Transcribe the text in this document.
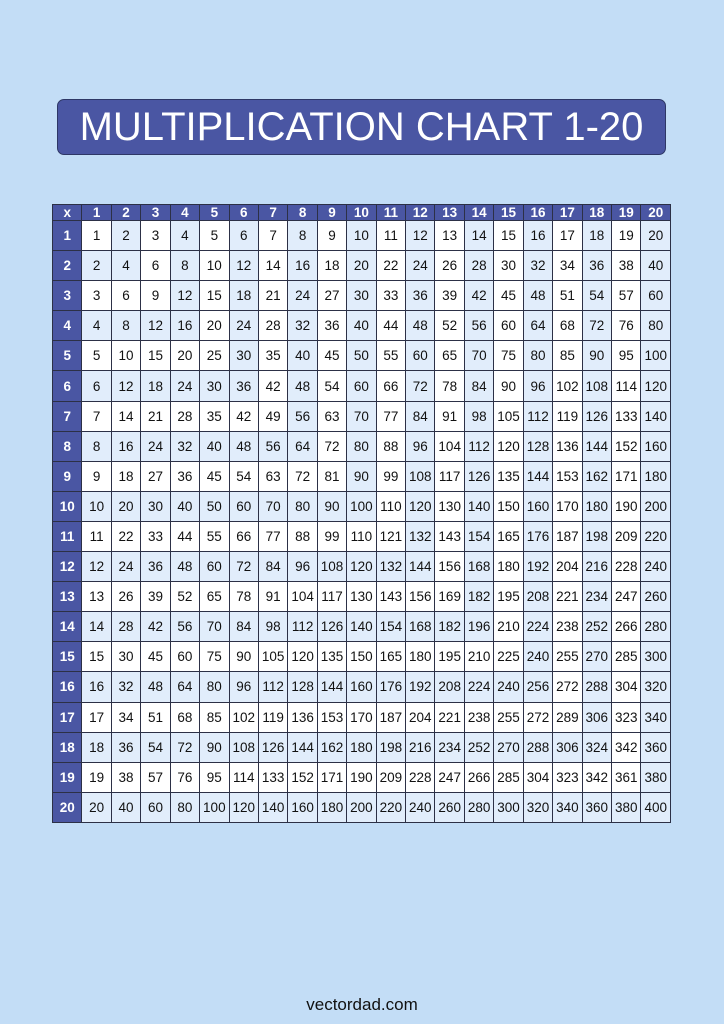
MULTIPLICATION CHART 1-20
x	1	2	3	4	5	6	7	8	9	10	11	12	13	14	15	16	17	18	19	20
1	1	2	3	4	5	6	7	8	9	10	11	12	13	14	15	16	17	18	19	20
2	2	4	6	8	10	12	14	16	18	20	22	24	26	28	30	32	34	36	38	40
3	3	6	9	12	15	18	21	24	27	30	33	36	39	42	45	48	51	54	57	60
4	4	8	12	16	20	24	28	32	36	40	44	48	52	56	60	64	68	72	76	80
5	5	10	15	20	25	30	35	40	45	50	55	60	65	70	75	80	85	90	95	100
6	6	12	18	24	30	36	42	48	54	60	66	72	78	84	90	96	102	108	114	120
7	7	14	21	28	35	42	49	56	63	70	77	84	91	98	105	112	119	126	133	140
8	8	16	24	32	40	48	56	64	72	80	88	96	104	112	120	128	136	144	152	160
9	9	18	27	36	45	54	63	72	81	90	99	108	117	126	135	144	153	162	171	180
10	10	20	30	40	50	60	70	80	90	100	110	120	130	140	150	160	170	180	190	200
11	11	22	33	44	55	66	77	88	99	110	121	132	143	154	165	176	187	198	209	220
12	12	24	36	48	60	72	84	96	108	120	132	144	156	168	180	192	204	216	228	240
13	13	26	39	52	65	78	91	104	117	130	143	156	169	182	195	208	221	234	247	260
14	14	28	42	56	70	84	98	112	126	140	154	168	182	196	210	224	238	252	266	280
15	15	30	45	60	75	90	105	120	135	150	165	180	195	210	225	240	255	270	285	300
16	16	32	48	64	80	96	112	128	144	160	176	192	208	224	240	256	272	288	304	320
17	17	34	51	68	85	102	119	136	153	170	187	204	221	238	255	272	289	306	323	340
18	18	36	54	72	90	108	126	144	162	180	198	216	234	252	270	288	306	324	342	360
19	19	38	57	76	95	114	133	152	171	190	209	228	247	266	285	304	323	342	361	380
20	20	40	60	80	100	120	140	160	180	200	220	240	260	280	300	320	340	360	380	400
vectordad.com
